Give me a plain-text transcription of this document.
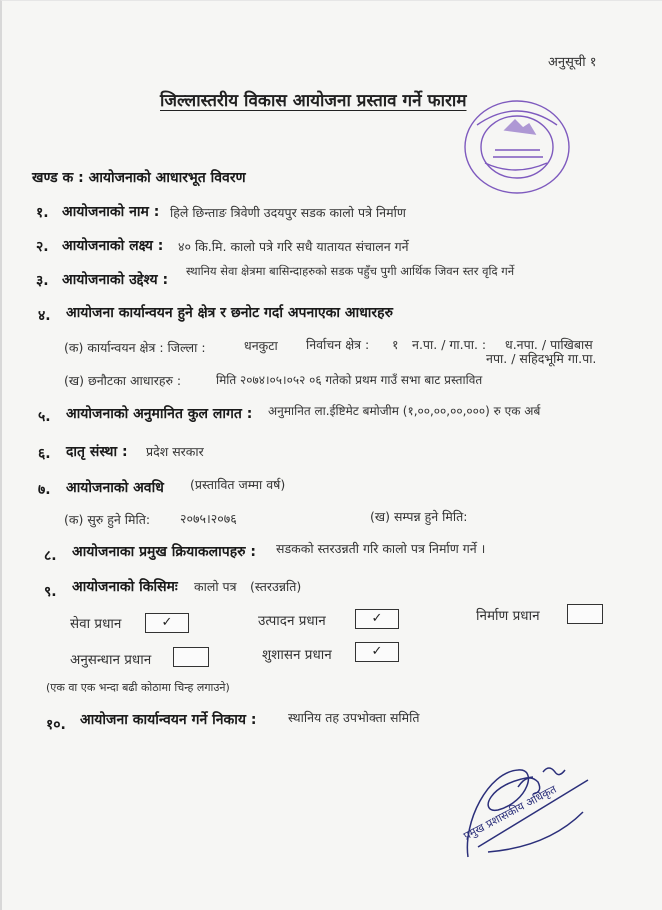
अनुसूची १
जिल्लास्तरीय विकास आयोजना प्रस्ताव गर्ने फाराम
खण्ड क : आयोजनाको आधारभूत विवरण
१. आयोजनाको नाम : हिले छिन्ताङ त्रिवेणी उदयपुर सडक कालो पत्रे निर्माण
२. आयोजनाको लक्ष्य : ४० कि.मि. कालो पत्रे गरि सधै यातायत संचालन गर्ने
३. आयोजनाको उद्देश्य :
स्थानिय सेवा क्षेत्रमा बासिन्दाहरुको सडक पहुँच पुगी आर्थिक जिवन स्तर वृदि गर्ने
४. आयोजना कार्यान्वयन हुने क्षेत्र र छनोट गर्दा अपनाएका आधारहरु
(क) कार्यान्वयन क्षेत्र : जिल्ला :	धनकुटा निर्वाचन क्षेत्र : १ न.पा. / गा.पा. : ध.नपा. / पाखिबास
नपा. / सहिदभूमि गा.पा.
(ख) छनौटका आधारहरु :	मिति २०७४।०५।०५२ ०६ गतेको प्रथम गाउँ सभा बाट प्रस्तावित
५. आयोजनाको अनुमानित कुल लागत : अनुमानित ला.ईष्टिमेट बमोजीम (१,००,००,००,०००) रु एक अर्ब
६. दातृ संस्था : प्रदेश सरकार
७. आयोजनाको अवधि (प्रस्तावित जम्मा वर्ष)
(क) सुरु हुने मिति: २०७५।२०७६	(ख) सम्पन्न हुने मिति:
८. आयोजनाका प्रमुख क्रियाकलापहरु : सडकको स्तरउन्नती गरि कालो पत्र निर्माण गर्ने ।
९. आयोजनाको किसिमः कालो पत्र (स्तरउन्नति)
सेवा प्रधान	✓	उत्पादन प्रधान	✓	निर्माण प्रधान
अनुसन्धान प्रधान	शुशासन प्रधान	✓
(एक वा एक भन्दा बढी कोठामा चिन्ह लगाउने)
१०. आयोजना कार्यान्वयन गर्ने निकाय :	स्थानिय तह उपभोक्ता समिति
प्रमुख प्रशासकीय अधिकृत
